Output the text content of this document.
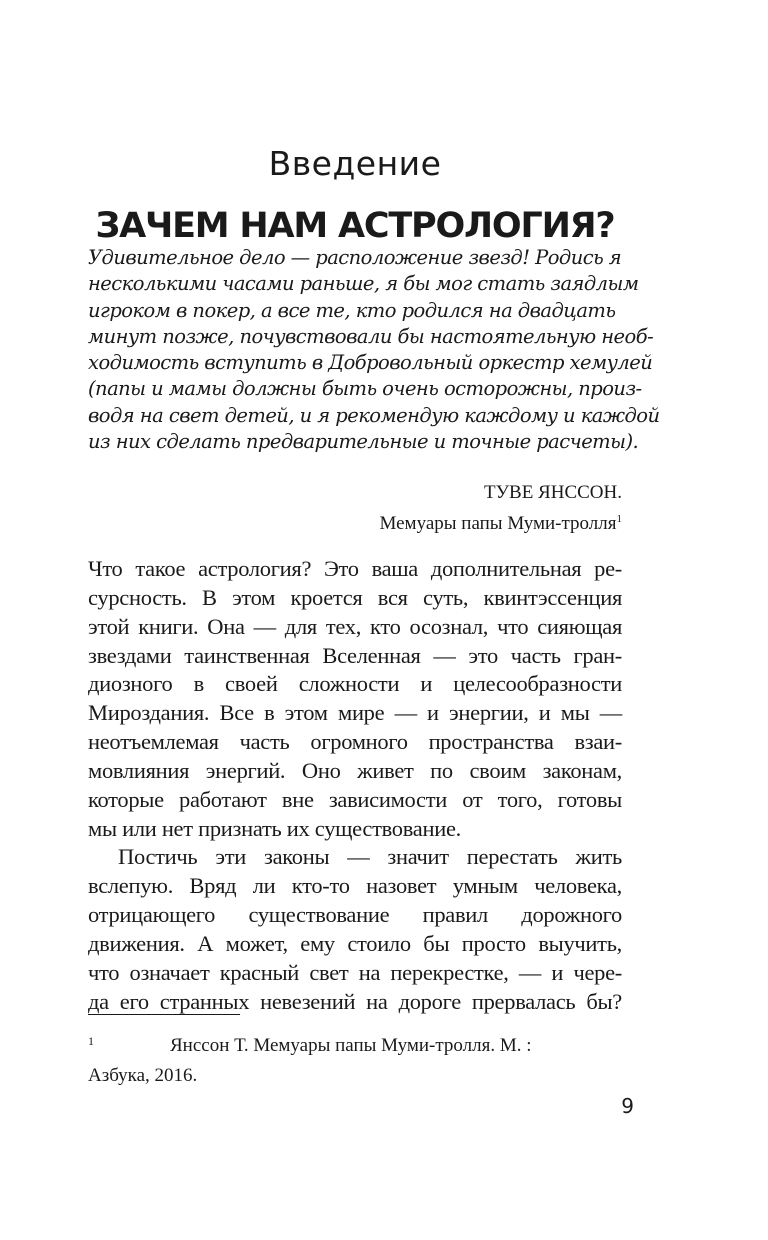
Введение
ЗАЧЕМ НАМ АСТРОЛОГИЯ?
Удивительное дело — расположение звезд! Родись я
несколькими часами раньше, я бы мог стать заядлым
игроком в покер, а все те, кто родился на двадцать
минут позже, почувствовали бы настоятельную необ-
ходимость вступить в Добровольный оркестр хемулей
(папы и мамы должны быть очень осторожны, произ-
водя на свет детей, и я рекомендую каждому и каждой
из них сделать предварительные и точные расчеты).
ТУВЕ ЯНССОН.
Мемуары папы Муми-тролля$^1$
Что такое астрология? Это ваша дополнительная ре-
сурсность. В этом кроется вся суть, квинтэссенция
этой книги. Она — для тех, кто осознал, что сияющая
звездами таинственная Вселенная — это часть гран-
диозного в своей сложности и целесообразности
Мироздания. Все в этом мире — и энергии, и мы —
неотъемлемая часть огромного пространства взаи-
мовлияния энергий. Оно живет по своим законам,
которые работают вне зависимости от того, готовы
мы или нет признать их существование.
Постичь эти законы — значит перестать жить
вслепую. Вряд ли кто-то назовет умным человека,
отрицающего существование правил дорожного
движения. А может, ему стоило бы просто выучить,
что означает красный свет на перекрестке, — и чере-
да его странных невезений на дороге прервалась бы?
1	Янссон Т. Мемуары папы Муми-тролля. М. :
Азбука, 2016.
9
